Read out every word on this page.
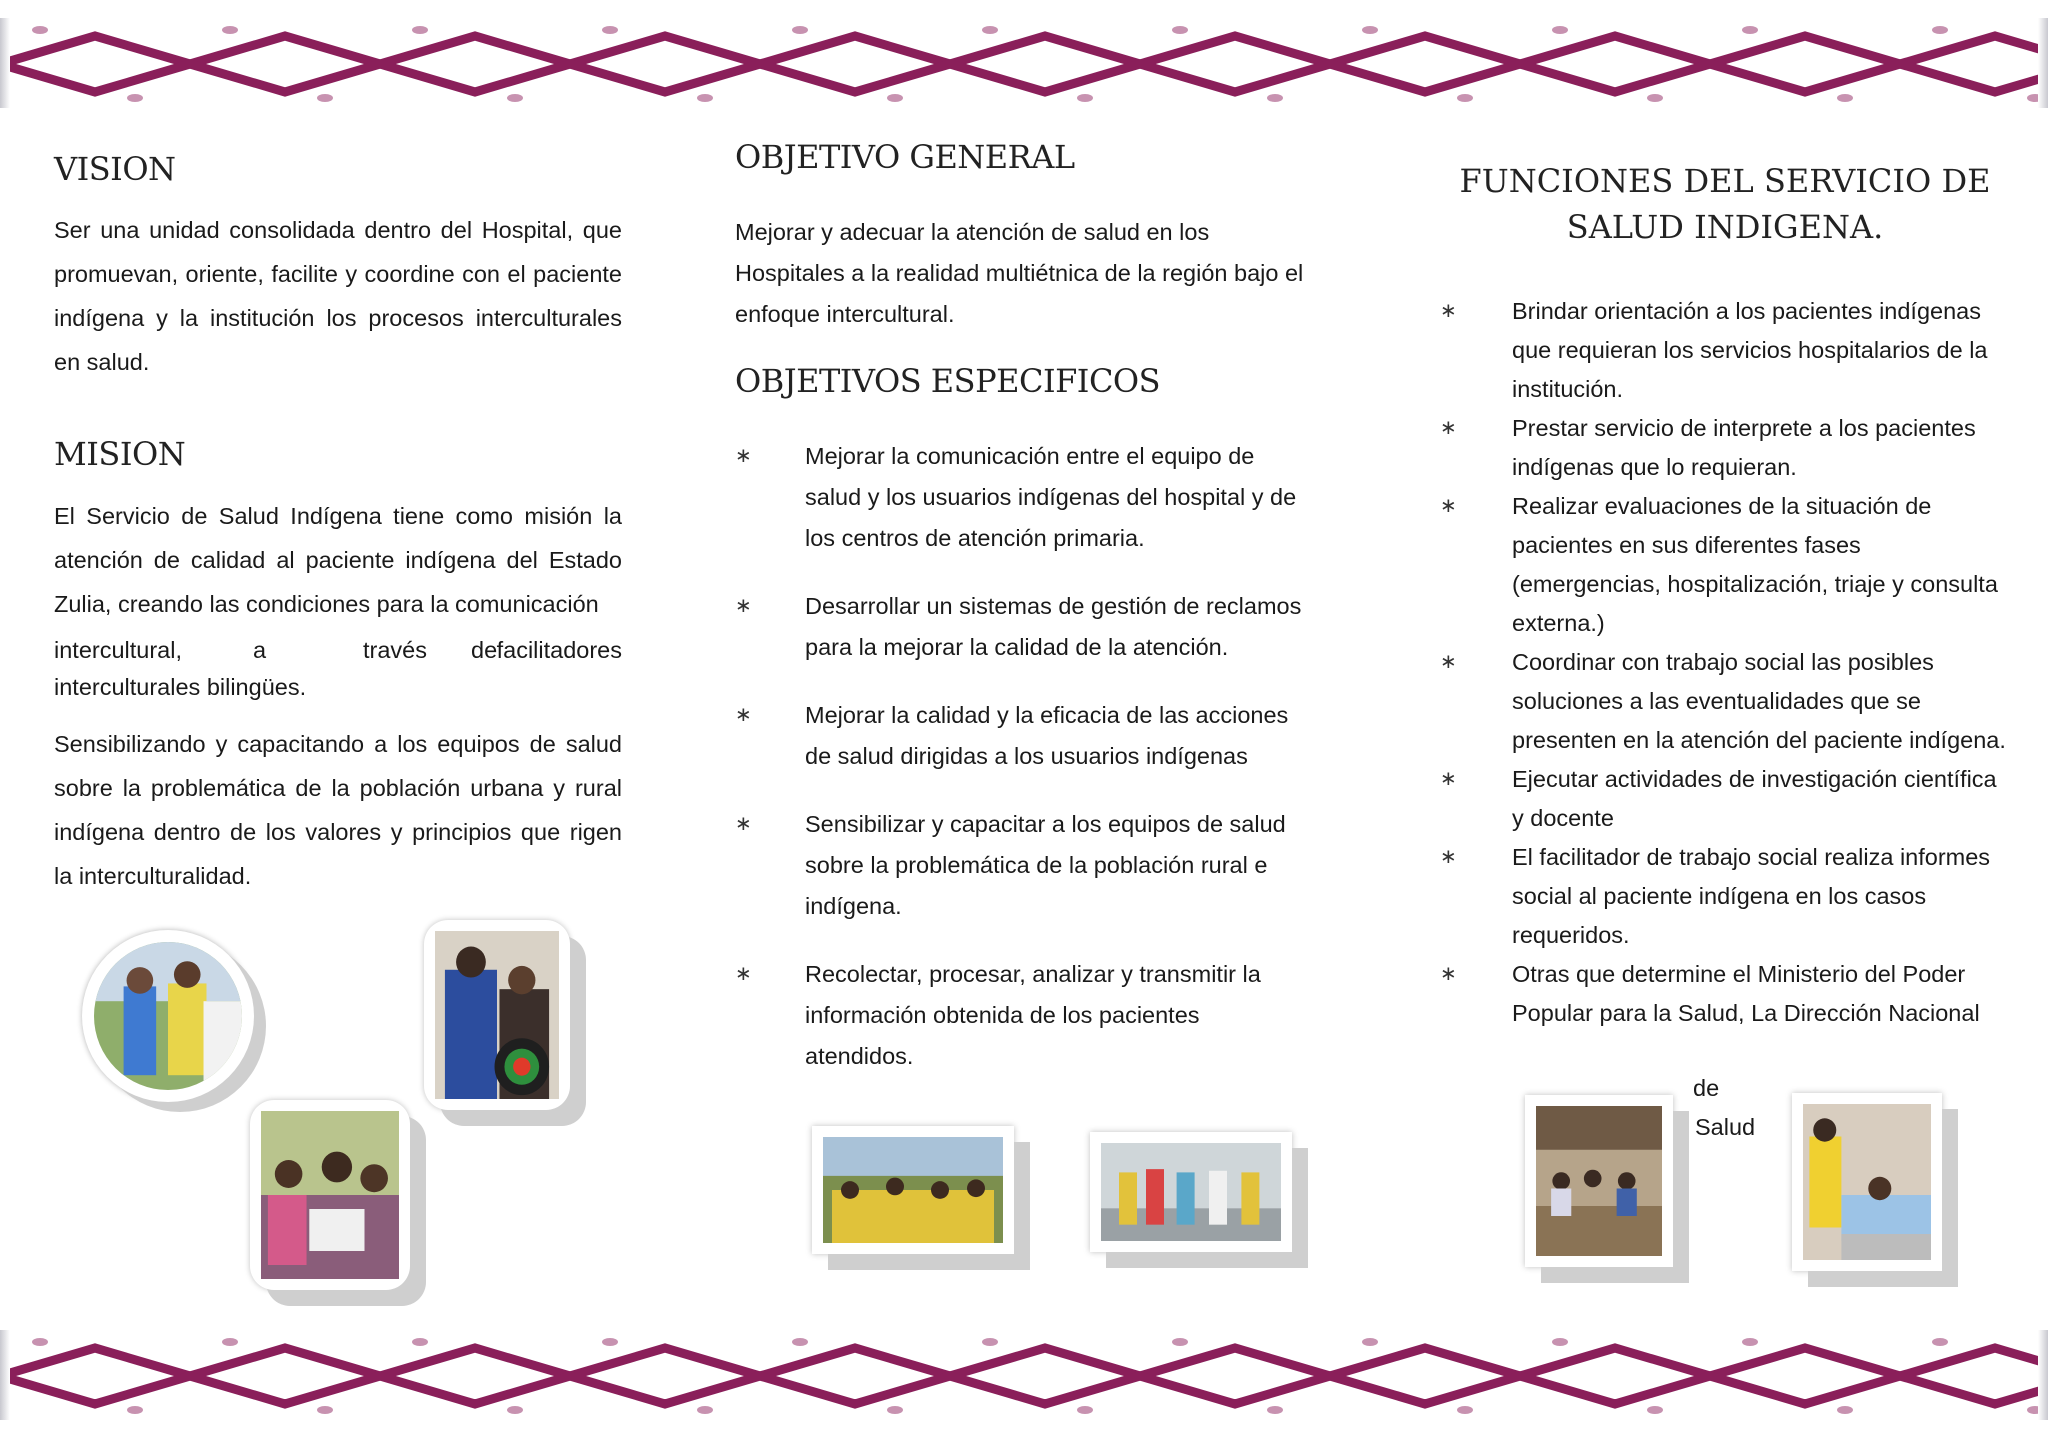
VISION

Ser una unidad consolidada dentro del Hospital, que promuevan, oriente, facilite y coordine con el paciente indígena y la institución los procesos interculturales en salud.

MISION

El Servicio de Salud Indígena tiene como misión la atención de calidad al paciente indígena del Estado Zulia, creando las condiciones para la comunicación

intercultural,	a	través de facilitadores

interculturales bilingües.

Sensibilizando y capacitando a los equipos de salud sobre la problemática de la población urbana y rural indígena dentro de los valores y principios que rigen la interculturalidad.

OBJETIVO GENERAL

Mejorar y adecuar la atención de salud en los Hospitales a la realidad multiétnica de la región bajo el enfoque intercultural.

OBJETIVOS ESPECIFICOS
∗ Mejorar la comunicación entre el equipo de salud y los usuarios indígenas del hospital y de los centros de atención primaria.
∗ Desarrollar un sistemas de gestión de reclamos para la mejorar la calidad de la atención.
∗ Mejorar la calidad y la eficacia de las acciones de salud dirigidas a los usuarios indígenas
∗ Sensibilizar y capacitar a los equipos de salud sobre la problemática de la población rural e indígena.
∗ Recolectar, procesar, analizar y transmitir la información obtenida de los pacientes atendidos.
FUNCIONES DEL SERVICIO DE
SALUD INDIGENA.
∗ Brindar orientación a los pacientes indígenas que requieran los servicios hospitalarios de la institución.
∗ Prestar servicio de interprete a los pacientes indígenas que lo requieran.
∗ Realizar evaluaciones de la situación de pacientes en sus diferentes fases (emergencias, hospitalización, triaje y consulta externa.)
∗ Coordinar con trabajo social las posibles soluciones a las eventualidades que se presenten en la atención del paciente indígena.
∗ Ejecutar actividades de investigación científica y docente
∗ El facilitador de trabajo social realiza informes social al paciente indígena en los casos requeridos.
∗ Otras que determine el Ministerio del Poder Popular para la Salud, La Dirección Nacional
de
Salud
